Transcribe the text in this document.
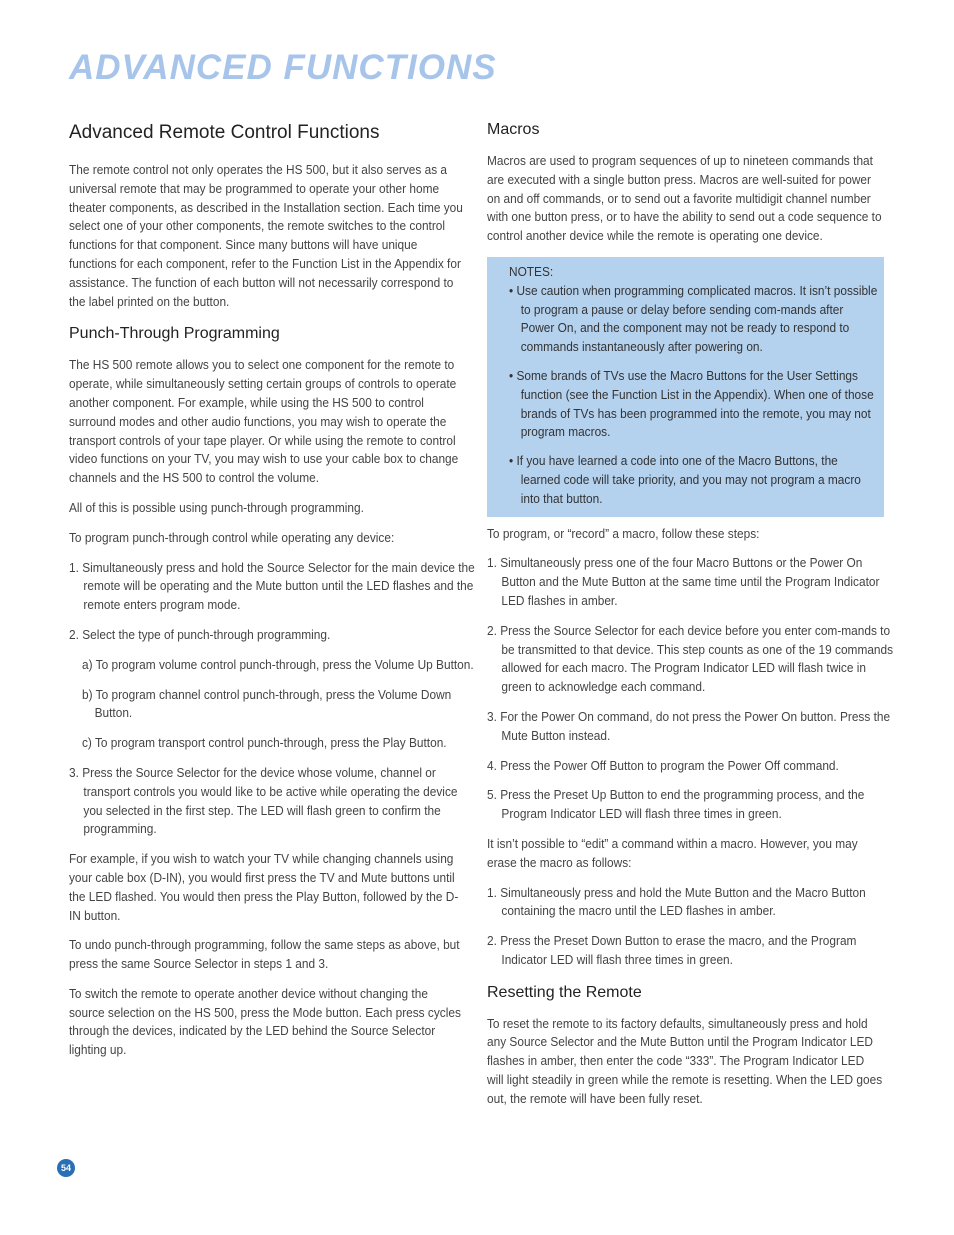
ADVANCED FUNCTIONS
Advanced Remote Control Functions

The remote control not only operates the HS 500, but it also serves as a universal remote that may be programmed to operate your other home theater components, as described in the Installation section. Each time you select one of your other components, the remote switches to the control functions for that component. Since many buttons will have unique functions for each component, refer to the Function List in the Appendix for assistance. The function of each button will not necessarily correspond to the label printed on the button.

Punch-Through Programming

The HS 500 remote allows you to select one component for the remote to operate, while simultaneously setting certain groups of controls to operate another component. For example, while using the HS 500 to control surround modes and other audio functions, you may wish to operate the transport controls of your tape player. Or while using the remote to control video functions on your TV, you may wish to use your cable box to change channels and the HS 500 to control the volume.

All of this is possible using punch-through programming.

To program punch-through control while operating any device:

1. Simultaneously press and hold the Source Selector for the main device the remote will be operating and the Mute button until the LED flashes and the remote enters program mode.
2. Select the type of punch-through programming.
a) To program volume control punch-through, press the Volume Up Button.
b) To program channel control punch-through, press the Volume Down Button.
c) To program transport control punch-through, press the Play Button.
3. Press the Source Selector for the device whose volume, channel or transport controls you would like to be active while operating the device you selected in the first step. The LED will flash green to confirm the programming.

For example, if you wish to watch your TV while changing channels using your cable box (D-IN), you would first press the TV and Mute buttons until the LED flashed. You would then press the Play Button, followed by the D-IN button.

To undo punch-through programming, follow the same steps as above, but press the same Source Selector in steps 1 and 3.

To switch the remote to operate another device without changing the source selection on the HS 500, press the Mode button. Each press cycles through the devices, indicated by the LED behind the Source Selector lighting up.

Macros

Macros are used to program sequences of up to nineteen commands that are executed with a single button press. Macros are well-suited for power on and off commands, or to send out a favorite multidigit channel number with one button press, or to have the ability to send out a code sequence to control another device while the remote is operating one device.

NOTES:
• Use caution when programming complicated macros. It isn’t possible to program a pause or delay before sending com-mands after Power On, and the component may not be ready to respond to commands instantaneously after powering on.
• Some brands of TVs use the Macro Buttons for the User Settings function (see the Function List in the Appendix). When one of those brands of TVs has been programmed into the remote, you may not program macros.
• If you have learned a code into one of the Macro Buttons, the learned code will take priority, and you may not program a macro into that button.

To program, or “record” a macro, follow these steps:

1. Simultaneously press one of the four Macro Buttons or the Power On Button and the Mute Button at the same time until the Program Indicator LED flashes in amber.
2. Press the Source Selector for each device before you enter com-mands to be transmitted to that device. This step counts as one of the 19 commands allowed for each macro. The Program Indicator LED will flash twice in green to acknowledge each command.
3. For the Power On command, do not press the Power On button. Press the Mute Button instead.
4. Press the Power Off Button to program the Power Off command.
5. Press the Preset Up Button to end the programming process, and the Program Indicator LED will flash three times in green.

It isn’t possible to “edit” a command within a macro. However, you may erase the macro as follows:

1. Simultaneously press and hold the Mute Button and the Macro Button containing the macro until the LED flashes in amber.
2. Press the Preset Down Button to erase the macro, and the Program Indicator LED will flash three times in green.
Resetting the Remote

To reset the remote to its factory defaults, simultaneously press and hold any Source Selector and the Mute Button until the Program Indicator LED flashes in amber, then enter the code “333”. The Program Indicator LED will light steadily in green while the remote is resetting. When the LED goes out, the remote will have been fully reset.

54
